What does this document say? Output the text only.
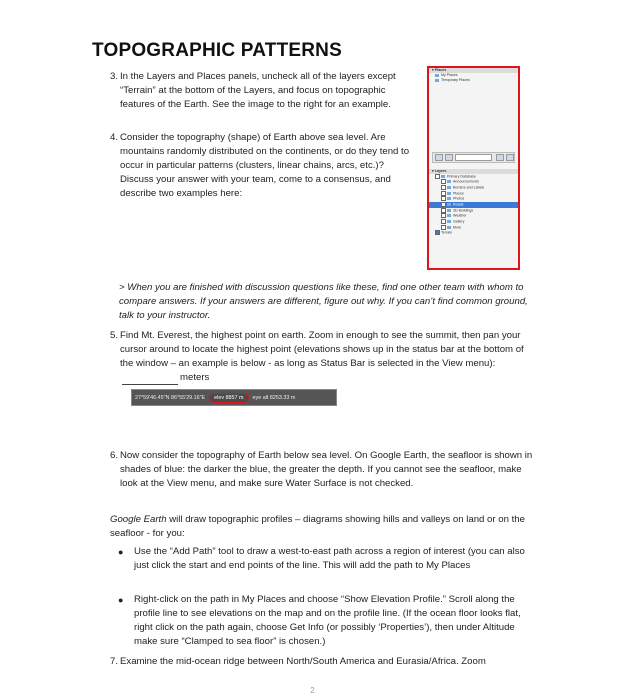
TOPOGRAPHIC PATTERNS
3. In the Layers and Places panels, uncheck all of the layers except “Terrain” at the bottom of the Layers, and focus on topographic features of the Earth. See the image to the right for an example.
4. Consider the topography (shape) of Earth above sea level. Are mountains randomly distributed on the continents, or do they tend to occur in particular patterns (clusters, linear chains, arcs, etc.)? Discuss your answer with your team, come to a consensus, and describe two examples here:
▾ Places
My Places
Temporary Places
▾ Layers
Primary Database
Announcements
Borders and Labels
Places
Photos
Roads
3D Buildings
Weather
Gallery
More
Terrain
> When you are finished with discussion questions like these, find one other team with whom to compare answers. If your answers are different, figure out why. If you can’t find common ground, talk to your instructor.
5. Find Mt. Everest, the highest point on earth. Zoom in enough to see the summit, then pan your cursor around to locate the highest point (elevations shows up in the status bar at the bottom of the window – an example is below - as long as Status Bar is selected in the View menu): meters
27°59'46.45"N 86°55'29.16"E	elev 8857 m	eye alt 8253.33 m
6. Now consider the topography of Earth below sea level. On Google Earth, the seafloor is shown in shades of blue: the darker the blue, the greater the depth. If you cannot see the seafloor, make look at the View menu, and make sure Water Surface is not checked.
Google Earth will draw topographic profiles – diagrams showing hills and valleys on land or on the seafloor - for you:
● Use the “Add Path” tool to draw a west-to-east path across a region of interest (you can also just click the start and end points of the line. This will add the path to My Places
● Right-click on the path in My Places and choose “Show Elevation Profile.” Scroll along the profile line to see elevations on the map and on the profile line. (If the ocean floor looks flat, right click on the path again, choose Get Info (or possibly ‘Properties’), then under Altitude make sure “Clamped to sea floor” is chosen.)
7. Examine the mid-ocean ridge between North/South America and Eurasia/Africa. Zoom
2
